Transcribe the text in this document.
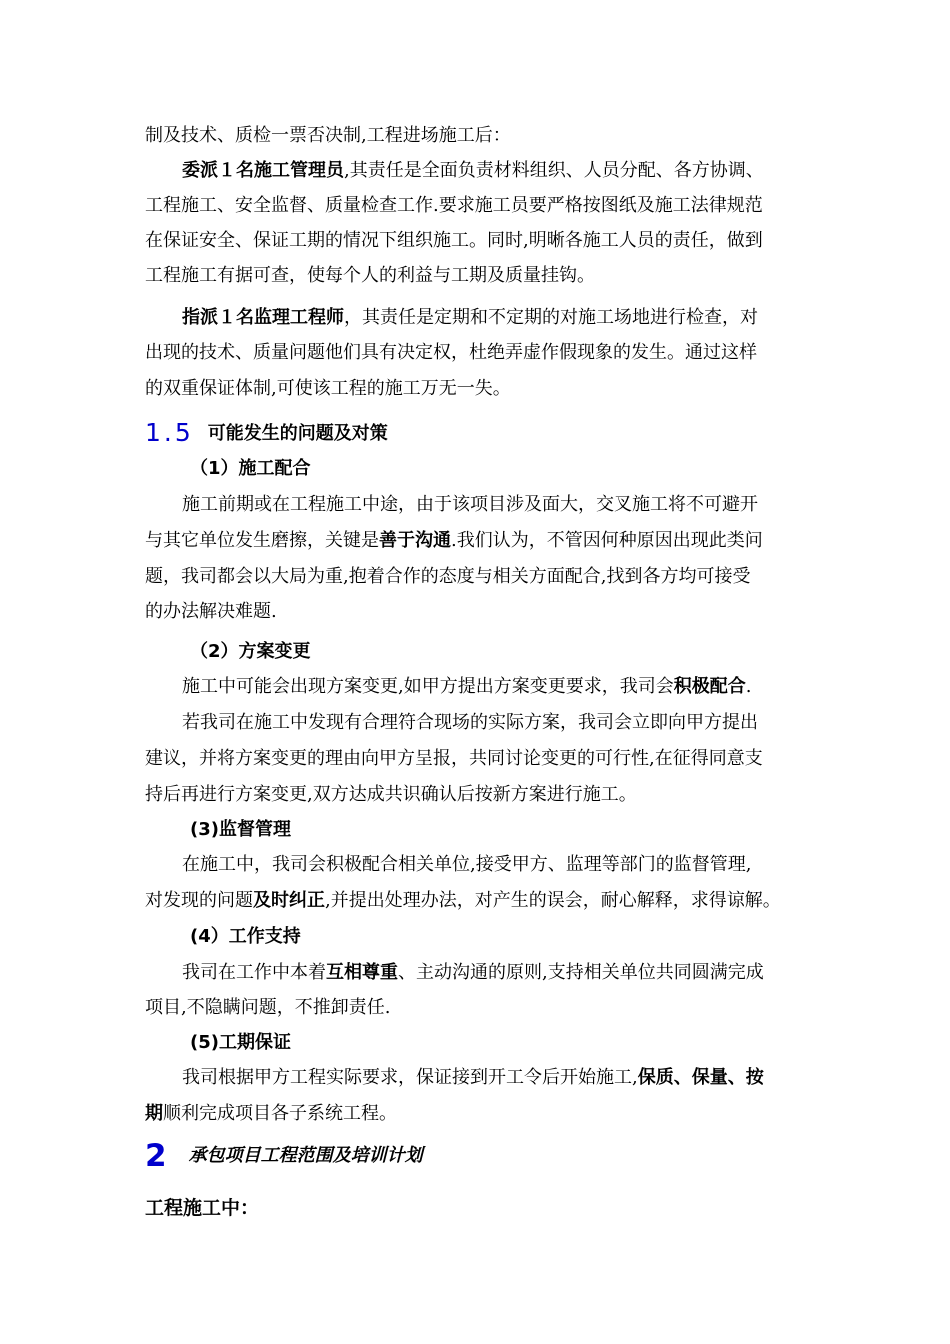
制及技术、质检一票否决制,工程进场施工后：
委派１名施工管理员,其责任是全面负责材料组织、人员分配、各方协调、
工程施工、安全监督、质量检查工作.要求施工员要严格按图纸及施工法律规范
在保证安全、保证工期的情况下组织施工。同时,明晰各施工人员的责任，做到
工程施工有据可查，使每个人的利益与工期及质量挂钩。
指派１名监理工程师，其责任是定期和不定期的对施工场地进行检查，对
出现的技术、质量问题他们具有决定权，杜绝弄虚作假现象的发生。通过这样
的双重保证体制,可使该工程的施工万无一失。
1.5 可能发生的问题及对策
（1）施工配合
施工前期或在工程施工中途，由于该项目涉及面大，交叉施工将不可避开
与其它单位发生磨擦，关键是善于沟通.我们认为，不管因何种原因出现此类问
题，我司都会以大局为重,抱着合作的态度与相关方面配合,找到各方均可接受
的办法解决难题.
（2）方案变更
施工中可能会出现方案变更,如甲方提出方案变更要求，我司会积极配合.
若我司在施工中发现有合理符合现场的实际方案，我司会立即向甲方提出
建议，并将方案变更的理由向甲方呈报，共同讨论变更的可行性,在征得同意支
持后再进行方案变更,双方达成共识确认后按新方案进行施工。
(3)监督管理
在施工中，我司会积极配合相关单位,接受甲方、监理等部门的监督管理,
对发现的问题及时纠正,并提出处理办法，对产生的误会，耐心解释，求得谅解。
(4）工作支持
我司在工作中本着互相尊重、主动沟通的原则,支持相关单位共同圆满完成
项目,不隐瞒问题，不推卸责任.
(5)工期保证
我司根据甲方工程实际要求，保证接到开工令后开始施工,保质、保量、按
期顺利完成项目各子系统工程。
2 承包项目工程范围及培训计划
工程施工中：
